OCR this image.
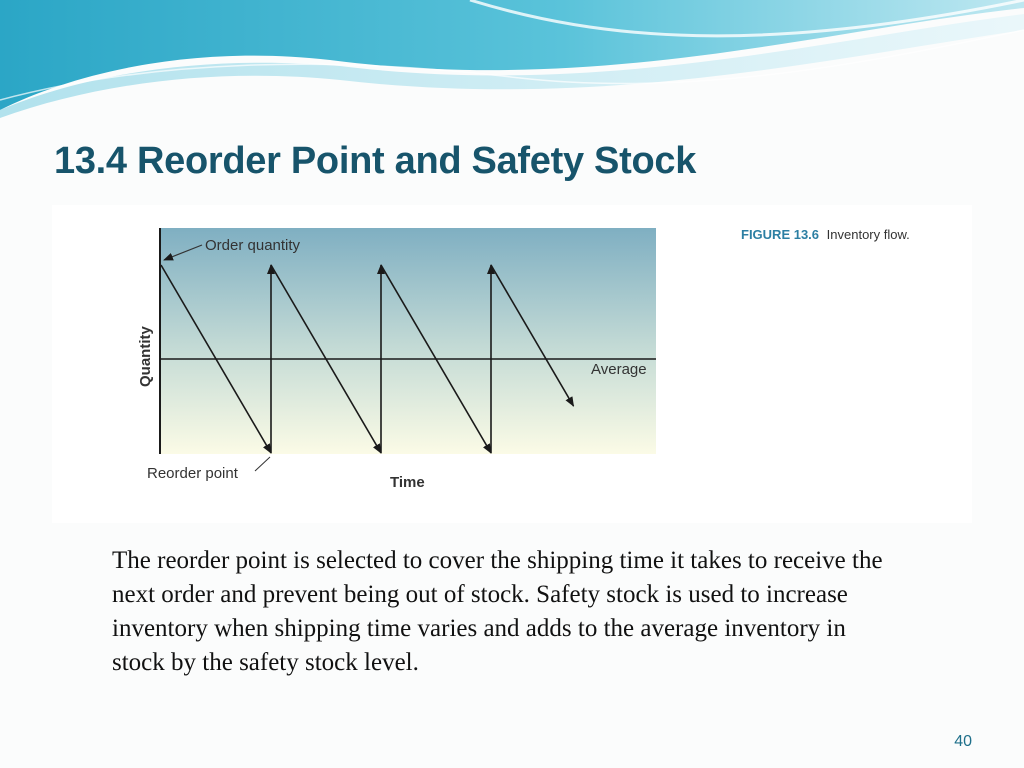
13.4 Reorder Point and Safety Stock
Order quantity
Average
Reorder point
Time
Quantity
FIGURE 13.6 Inventory flow.

The reorder point is selected to cover the shipping time it takes to receive the next order and prevent being out of stock. Safety stock is used to increase inventory when shipping time varies and adds to the average inventory in stock by the safety stock level.

40
